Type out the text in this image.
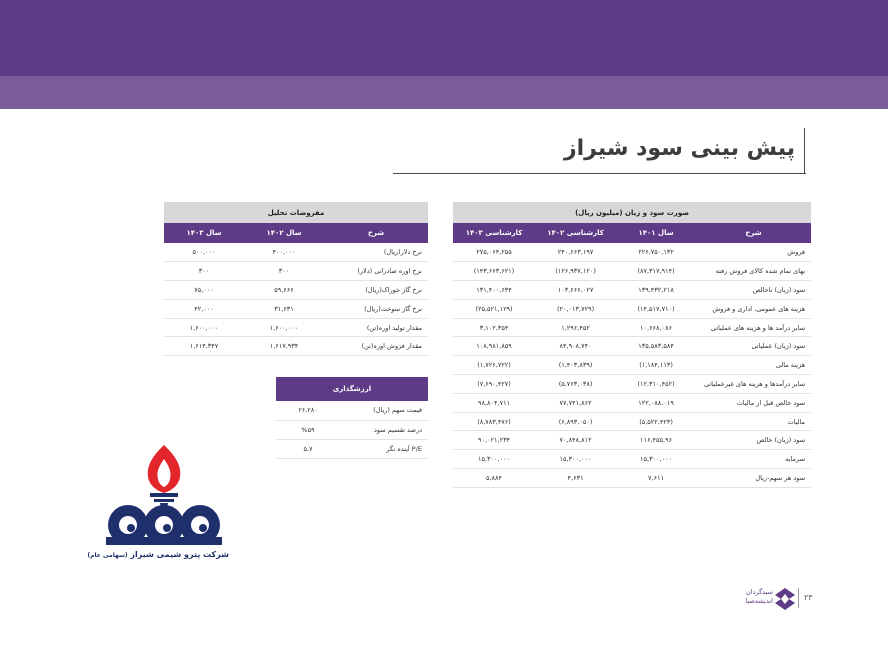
پیش بینی سود شیراز
صورت سود و زیان (میلیون ریال)			
شرح	سال ۱۴۰۱	کارشناسی ۱۴۰۲	کارشناسی ۱۴۰۳
فروش	۲۲۶,۷۵۰,۱۳۲	۲۴۰,۶۶۳,۱۹۷	۲۷۵,۰۶۴,۲۵۵
بهای تمام شده کالای فروش رفته	(۸۷,۳۱۷,۹۱۴)	(۱۲۶,۹۳۷,۱۲۰)	(۱۴۳,۶۶۳,۶۲۱)
سود (زیان) ناخالص	۱۳۹,۴۳۲,۲۱۸	۱۰۳,۶۶۶,۰۲۷	۱۳۱,۴۰۰,۶۳۴
هزینه های عمومی، اداری و فروش	(۱۴,۵۱۷,۷۱۰)	(۲۰,۰۱۳,۷۲۹)	(۲۵,۵۲۱,۱۲۹)
سایر درآمد ها و هزینه های عملیاتی	۱۰,۶۶۸,۰۸۶	۱,۲۹۶,۴۵۲	۳,۱۰۲,۳۵۴
سود (زیان) عملیاتی	۱۳۵,۵۸۳,۵۸۴	۸۴,۹۰۸,۷۴۰	۱۰۸,۹۸۱,۸۵۹
هزینه مالی	(۱,۱۸۴,۱۱۳)	(۱,۴۰۳,۸۳۹)	(۱,۷۲۶,۷۲۲)
سایر درآمدها و هزینه های غیرعملیاتی	(۱۲,۳۱۰,۴۵۲)	(۵,۷۶۳,۰۳۸)	(۷,۶۹۰,۴۲۷)
سود خالص قبل از مالیات	۱۲۲,۰۸۸,۰۱۹	۷۷,۷۴۱,۸۶۲	۹۸,۸۰۴,۷۱۱
مالیات	(۵,۵۲۲,۴۲۳)	(۶,۸۹۳,۰۵۰)	(۸,۷۸۳,۴۷۶)
سود (زیان) خالص	۱۱۶,۴۵۵,۹۶	۷۰,۸۴۸,۸۱۲	۹۰,۰۲۱,۲۳۴
سرمایه	۱۵,۳۰۰,۰۰۰	۱۵,۳۰۰,۰۰۰	۱۵,۳۰۰,۰۰۰
سود هر سهم-ریال	۷,۶۱۱	۴,۶۳۱	۵,۸۸۴
مفروضات تحلیل		
شرح	سال ۱۴۰۲	سال ۱۴۰۳
نرخ دلار(ریال)	۴۰۰,۰۰۰	۵۰۰,۰۰۰
نرخ اوره صادراتی (دلار)	۳۰۰	۳۰۰
نرخ گاز خوراک(ریال)	۵۹,۶۶۶	۷۵,۰۰۰
نرخ گاز سوخت(ریال)	۳۱,۶۳۱	۴۲,۰۰۰
مقدار تولید اوره(تن)	۱,۶۰۰,۰۰۰	۱,۶۰۰,۰۰۰
مقدار فروش اوره(تن)	۱,۶۱۷,۹۳۴	۱,۶۱۴,۳۴۷
ارزشگذاری	
قیمت سهم (ریال)	۲۶,۲۸۰
درصد تقسیم سود	%۵۹
P/E آینده نگر	۵,۷
شرکت پترو شیمی شیراز (سهامی عام)
سبدگردان
اندیشه‌صبا	۲۳
